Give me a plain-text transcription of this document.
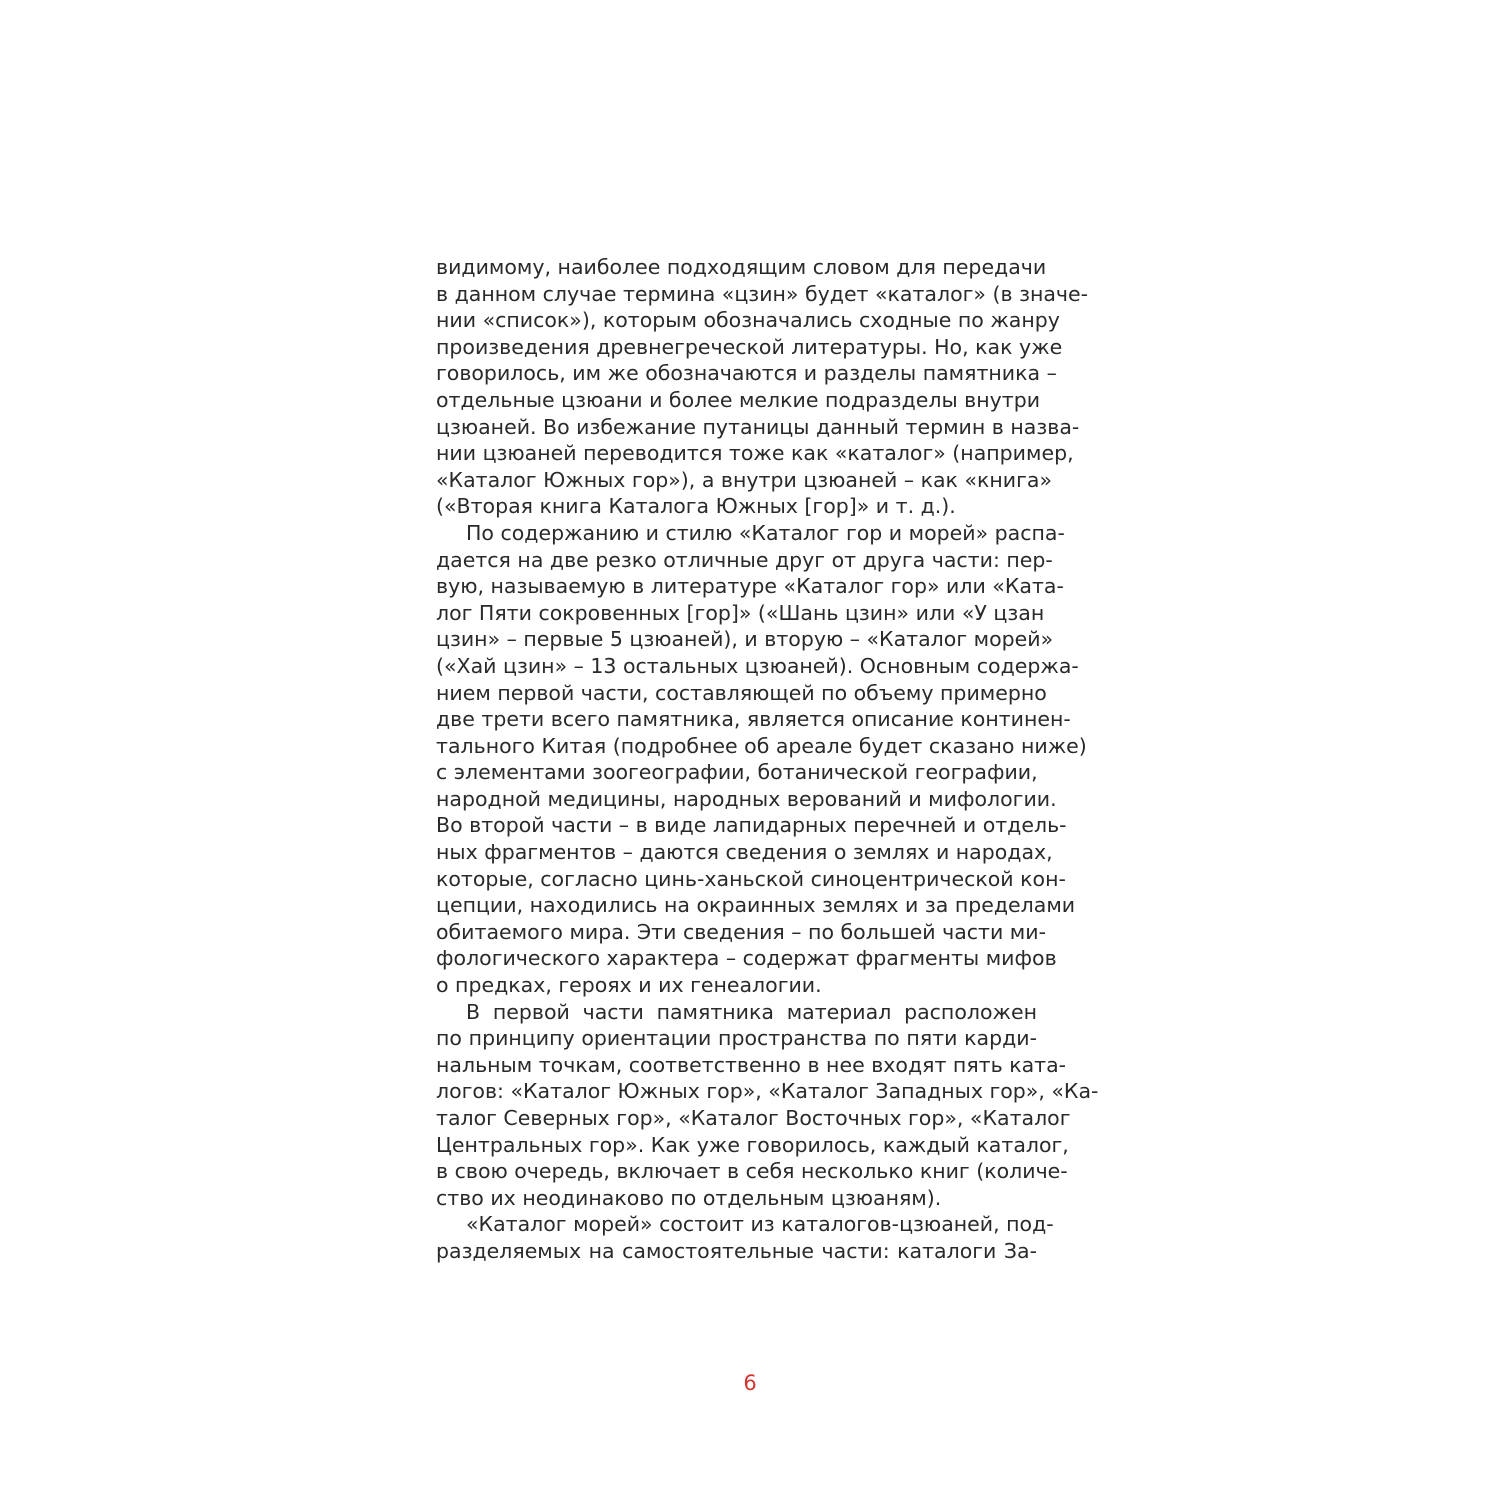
видимому, наиболее подходящим словом для передачи
в данном случае термина «цзин» будет «каталог» (в значе-
нии «список»), которым обозначались сходные по жанру
произведения древнегреческой литературы. Но, как уже
говорилось, им же обозначаются и разделы памятника –
отдельные цзюани и более мелкие подразделы внутри
цзюаней. Во избежание путаницы данный термин в назва-
нии цзюаней переводится тоже как «каталог» (например,
«Каталог Южных гор»), а внутри цзюаней – как «книга»
(«Вторая книга Каталога Южных [гор]» и т. д.).
По содержанию и стилю «Каталог гор и морей» распа-
дается на две резко отличные друг от друга части: пер-
вую, называемую в литературе «Каталог гор» или «Ката-
лог Пяти сокровенных [гор]» («Шань цзин» или «У цзан
цзин» – первые 5 цзюаней), и вторую – «Каталог морей»
(«Хай цзин» – 13 остальных цзюаней). Основным содержа-
нием первой части, составляющей по объему примерно
две трети всего памятника, является описание континен-
тального Китая (подробнее об ареале будет сказано ниже)
с элементами зоогеографии, ботанической географии,
народной медицины, народных верований и мифологии.
Во второй части – в виде лапидарных перечней и отдель-
ных фрагментов – даются сведения о землях и народах,
которые, согласно цинь-ханьской синоцентрической кон-
цепции, находились на окраинных землях и за пределами
обитаемого мира. Эти сведения – по большей части ми-
фологического характера – содержат фрагменты мифов
о предках, героях и их генеалогии.
В первой части памятника материал расположен
по принципу ориентации пространства по пяти карди-
нальным точкам, соответственно в нее входят пять ката-
логов: «Каталог Южных гор», «Каталог Западных гор», «Ка-
талог Северных гор», «Каталог Восточных гор», «Каталог
Центральных гор». Как уже говорилось, каждый каталог,
в свою очередь, включает в себя несколько книг (количе-
ство их неодинаково по отдельным цзюаням).
«Каталог морей» состоит из каталогов-цзюаней, под-
разделяемых на самостоятельные части: каталоги За-
6
